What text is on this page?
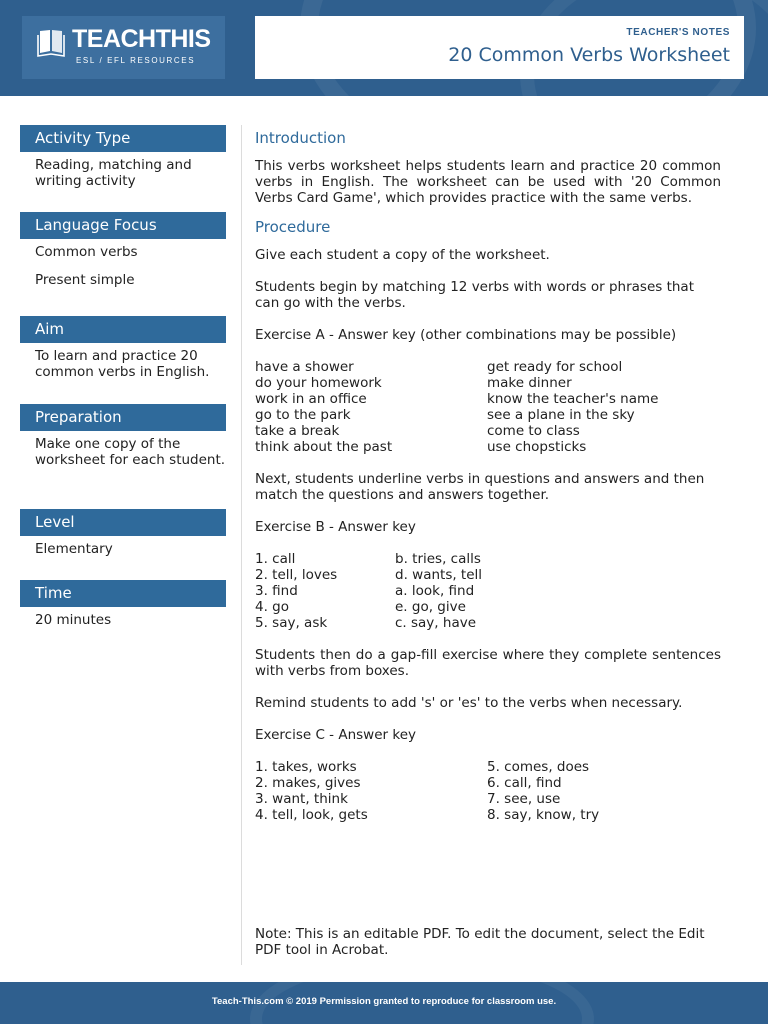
TEACHTHIS
ESL / EFL RESOURCES
TEACHER'S NOTES
20 Common Verbs Worksheet
Activity Type

Reading, matching and writing activity

Language Focus

Common verbs

Present simple

Aim

To learn and practice 20 common verbs in English.

Preparation

Make one copy of the worksheet for each student.

Level

Elementary

Time

20 minutes

Introduction

This verbs worksheet helps students learn and practice 20 common verbs in English. The worksheet can be used with '20 Common Verbs Card Game', which provides practice with the same verbs.

Procedure

Give each student a copy of the worksheet.

Students begin by matching 12 verbs with words or phrases that can go with the verbs.

Exercise A - Answer key (other combinations may be possible)

have a shower
do your homework
work in an office
go to the park
take a break
think about the past
get ready for school
make dinner
know the teacher's name
see a plane in the sky
come to class
use chopsticks

Next, students underline verbs in questions and answers and then match the questions and answers together.

Exercise B - Answer key

1. call
2. tell, loves
3. find
4. go
5. say, ask
b. tries, calls
d. wants, tell
a. look, find
e. go, give
c. say, have

Students then do a gap-fill exercise where they complete sentences with verbs from boxes.

Remind students to add 's' or 'es' to the verbs when necessary.

Exercise C - Answer key

1. takes, works
2. makes, gives
3. want, think
4. tell, look, gets
5. comes, does
6. call, find
7. see, use
8. say, know, try

Note: This is an editable PDF. To edit the document, select the Edit PDF tool in Acrobat.

Teach-This.com © 2019 Permission granted to reproduce for classroom use.
